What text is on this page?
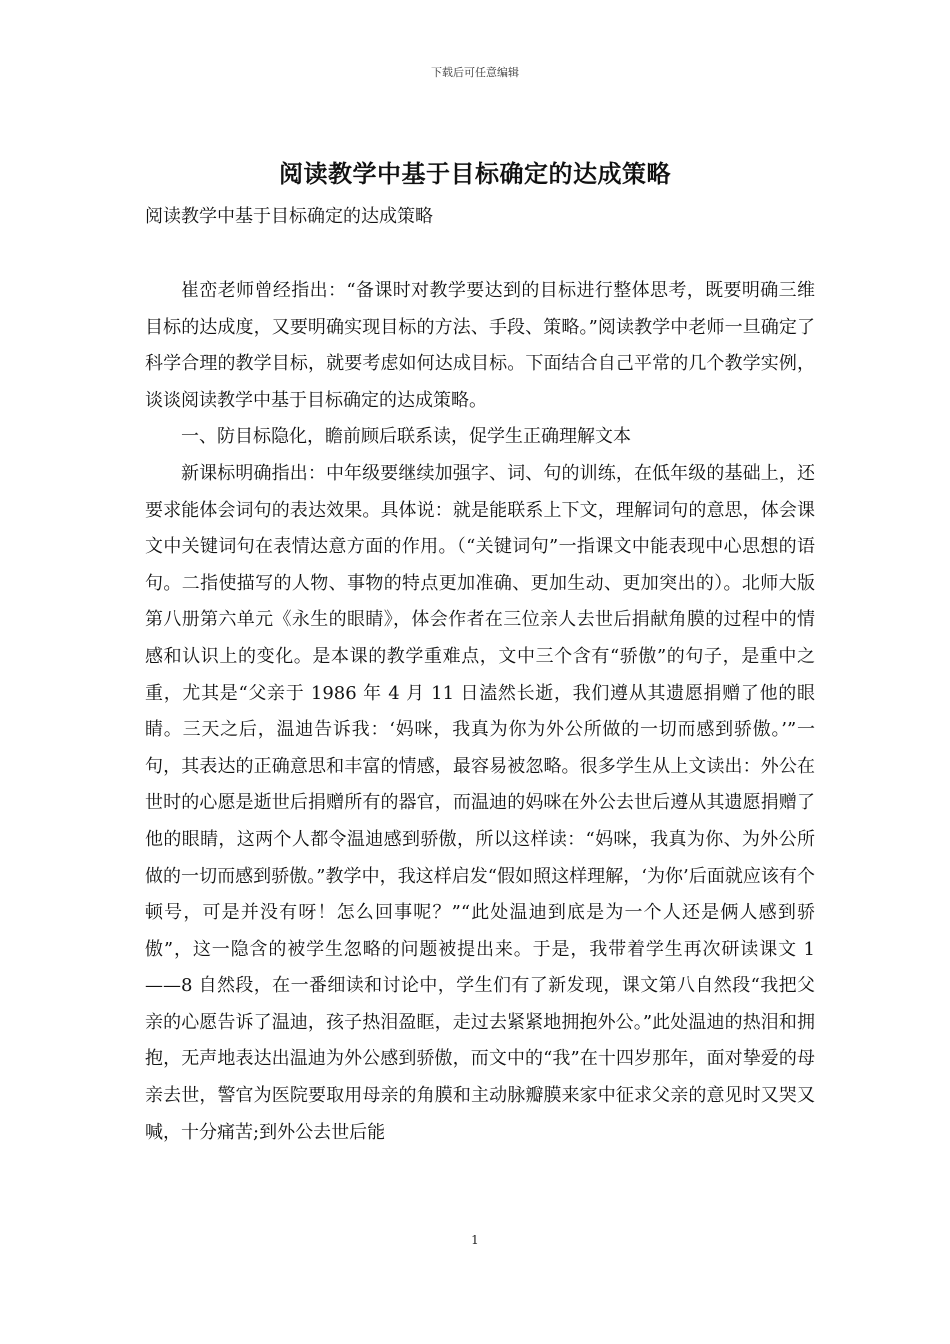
下载后可任意编辑
阅读教学中基于目标确定的达成策略
阅读教学中基于目标确定的达成策略

崔峦老师曾经指出：“备课时对教学要达到的目标进行整体思考，既要明确三维目标的达成度，又要明确实现目标的方法、手段、策略。”阅读教学中老师一旦确定了科学合理的教学目标，就要考虑如何达成目标。下面结合自己平常的几个教学实例，谈谈阅读教学中基于目标确定的达成策略。

一、防目标隐化，瞻前顾后联系读，促学生正确理解文本

新课标明确指出：中年级要继续加强字、词、句的训练，在低年级的基础上，还要求能体会词句的表达效果。具体说：就是能联系上下文，理解词句的意思，体会课文中关键词句在表情达意方面的作用。（“关键词句”一指课文中能表现中心思想的语句。二指使描写的人物、事物的特点更加准确、更加生动、更加突出的）。北师大版第八册第六单元《永生的眼睛》，体会作者在三位亲人去世后捐献角膜的过程中的情感和认识上的变化。是本课的教学重难点，文中三个含有“骄傲”的句子，是重中之重，尤其是“父亲于 1986 年 4 月 11 日溘然长逝，我们遵从其遗愿捐赠了他的眼睛。三天之后，温迪告诉我：‘妈咪，我真为你为外公所做的一切而感到骄傲。’”一句，其表达的正确意思和丰富的情感，最容易被忽略。很多学生从上文读出：外公在世时的心愿是逝世后捐赠所有的器官，而温迪的妈咪在外公去世后遵从其遗愿捐赠了他的眼睛，这两个人都令温迪感到骄傲，所以这样读：“妈咪，我真为你、为外公所做的一切而感到骄傲。”教学中，我这样启发“假如照这样理解，‘为你’后面就应该有个顿号，可是并没有呀！怎么回事呢？”“此处温迪到底是为一个人还是俩人感到骄傲”，这一隐含的被学生忽略的问题被提出来。于是，我带着学生再次研读课文 1——8 自然段，在一番细读和讨论中，学生们有了新发现，课文第八自然段“我把父亲的心愿告诉了温迪，孩子热泪盈眶，走过去紧紧地拥抱外公。”此处温迪的热泪和拥抱，无声地表达出温迪为外公感到骄傲，而文中的“我”在十四岁那年，面对挚爱的母亲去世，警官为医院要取用母亲的角膜和主动脉瓣膜来家中征求父亲的意见时又哭又喊，十分痛苦;到外公去世后能

1
